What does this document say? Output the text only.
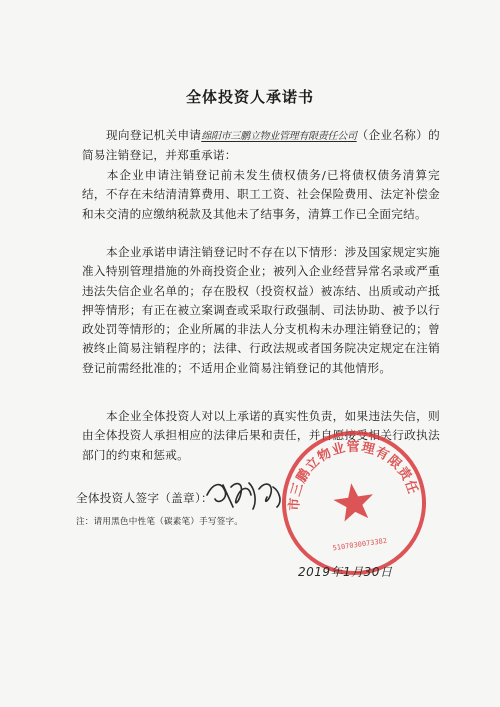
全体投资人承诺书
现向登记机关申请绵阳市三鹏立物业管理有限责任公司（企业名称）的简易注销登记，并郑重承诺：
本企业申请注销登记前未发生债权债务/已将债权债务清算完结，不存在未结清清算费用、职工工资、社会保险费用、法定补偿金和未交清的应缴纳税款及其他未了结事务，清算工作已全面完结。
本企业承诺申请注销登记时不存在以下情形：涉及国家规定实施准入特别管理措施的外商投资企业；被列入企业经营异常名录或严重违法失信企业名单的；存在股权（投资权益）被冻结、出质或动产抵押等情形；有正在被立案调查或采取行政强制、司法协助、被予以行政处罚等情形的；企业所属的非法人分支机构未办理注销登记的；曾被终止简易注销程序的；法律、行政法规或者国务院决定规定在注销登记前需经批准的；不适用企业简易注销登记的其他情形。
本企业全体投资人对以上承诺的真实性负责，如果违法失信，则由全体投资人承担相应的法律后果和责任，并自愿接受相关行政执法部门的约束和惩戒。
全体投资人签字（盖章）：
注：请用黑色中性笔（碳素笔）手写签字。
绵阳市三鹏立物业管理有限责任公司
5107030073382
2019年1月30日
